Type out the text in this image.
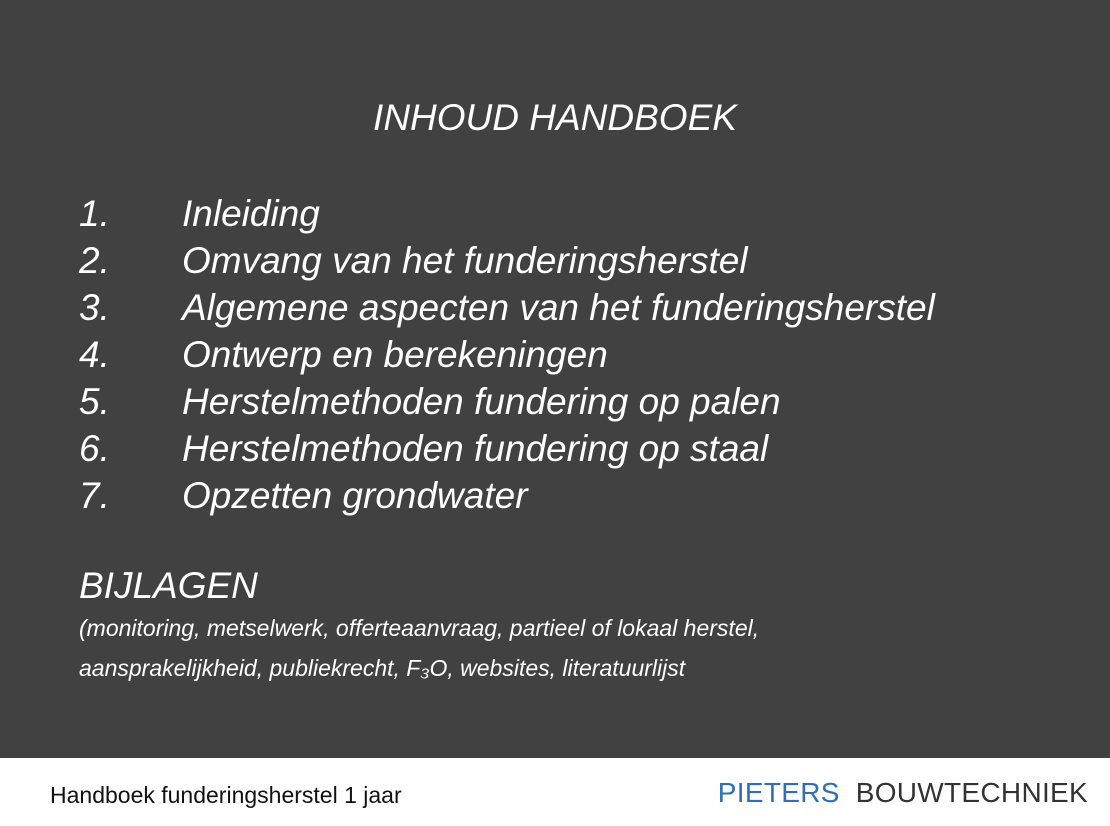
INHOUD HANDBOEK
1.	Inleiding
2.	Omvang van het funderingsherstel
3.	Algemene aspecten van het funderingsherstel
4.	Ontwerp en berekeningen
5.	Herstelmethoden fundering op palen
6.	Herstelmethoden fundering op staal
7.	Opzetten grondwater
BIJLAGEN
(monitoring, metselwerk, offerteaanvraag, partieel of lokaal herstel,
aansprakelijkheid, publiekrecht, F₃O, websites, literatuurlijst
Handboek funderingsherstel 1 jaar	PIETERS BOUWTECHNIEK
